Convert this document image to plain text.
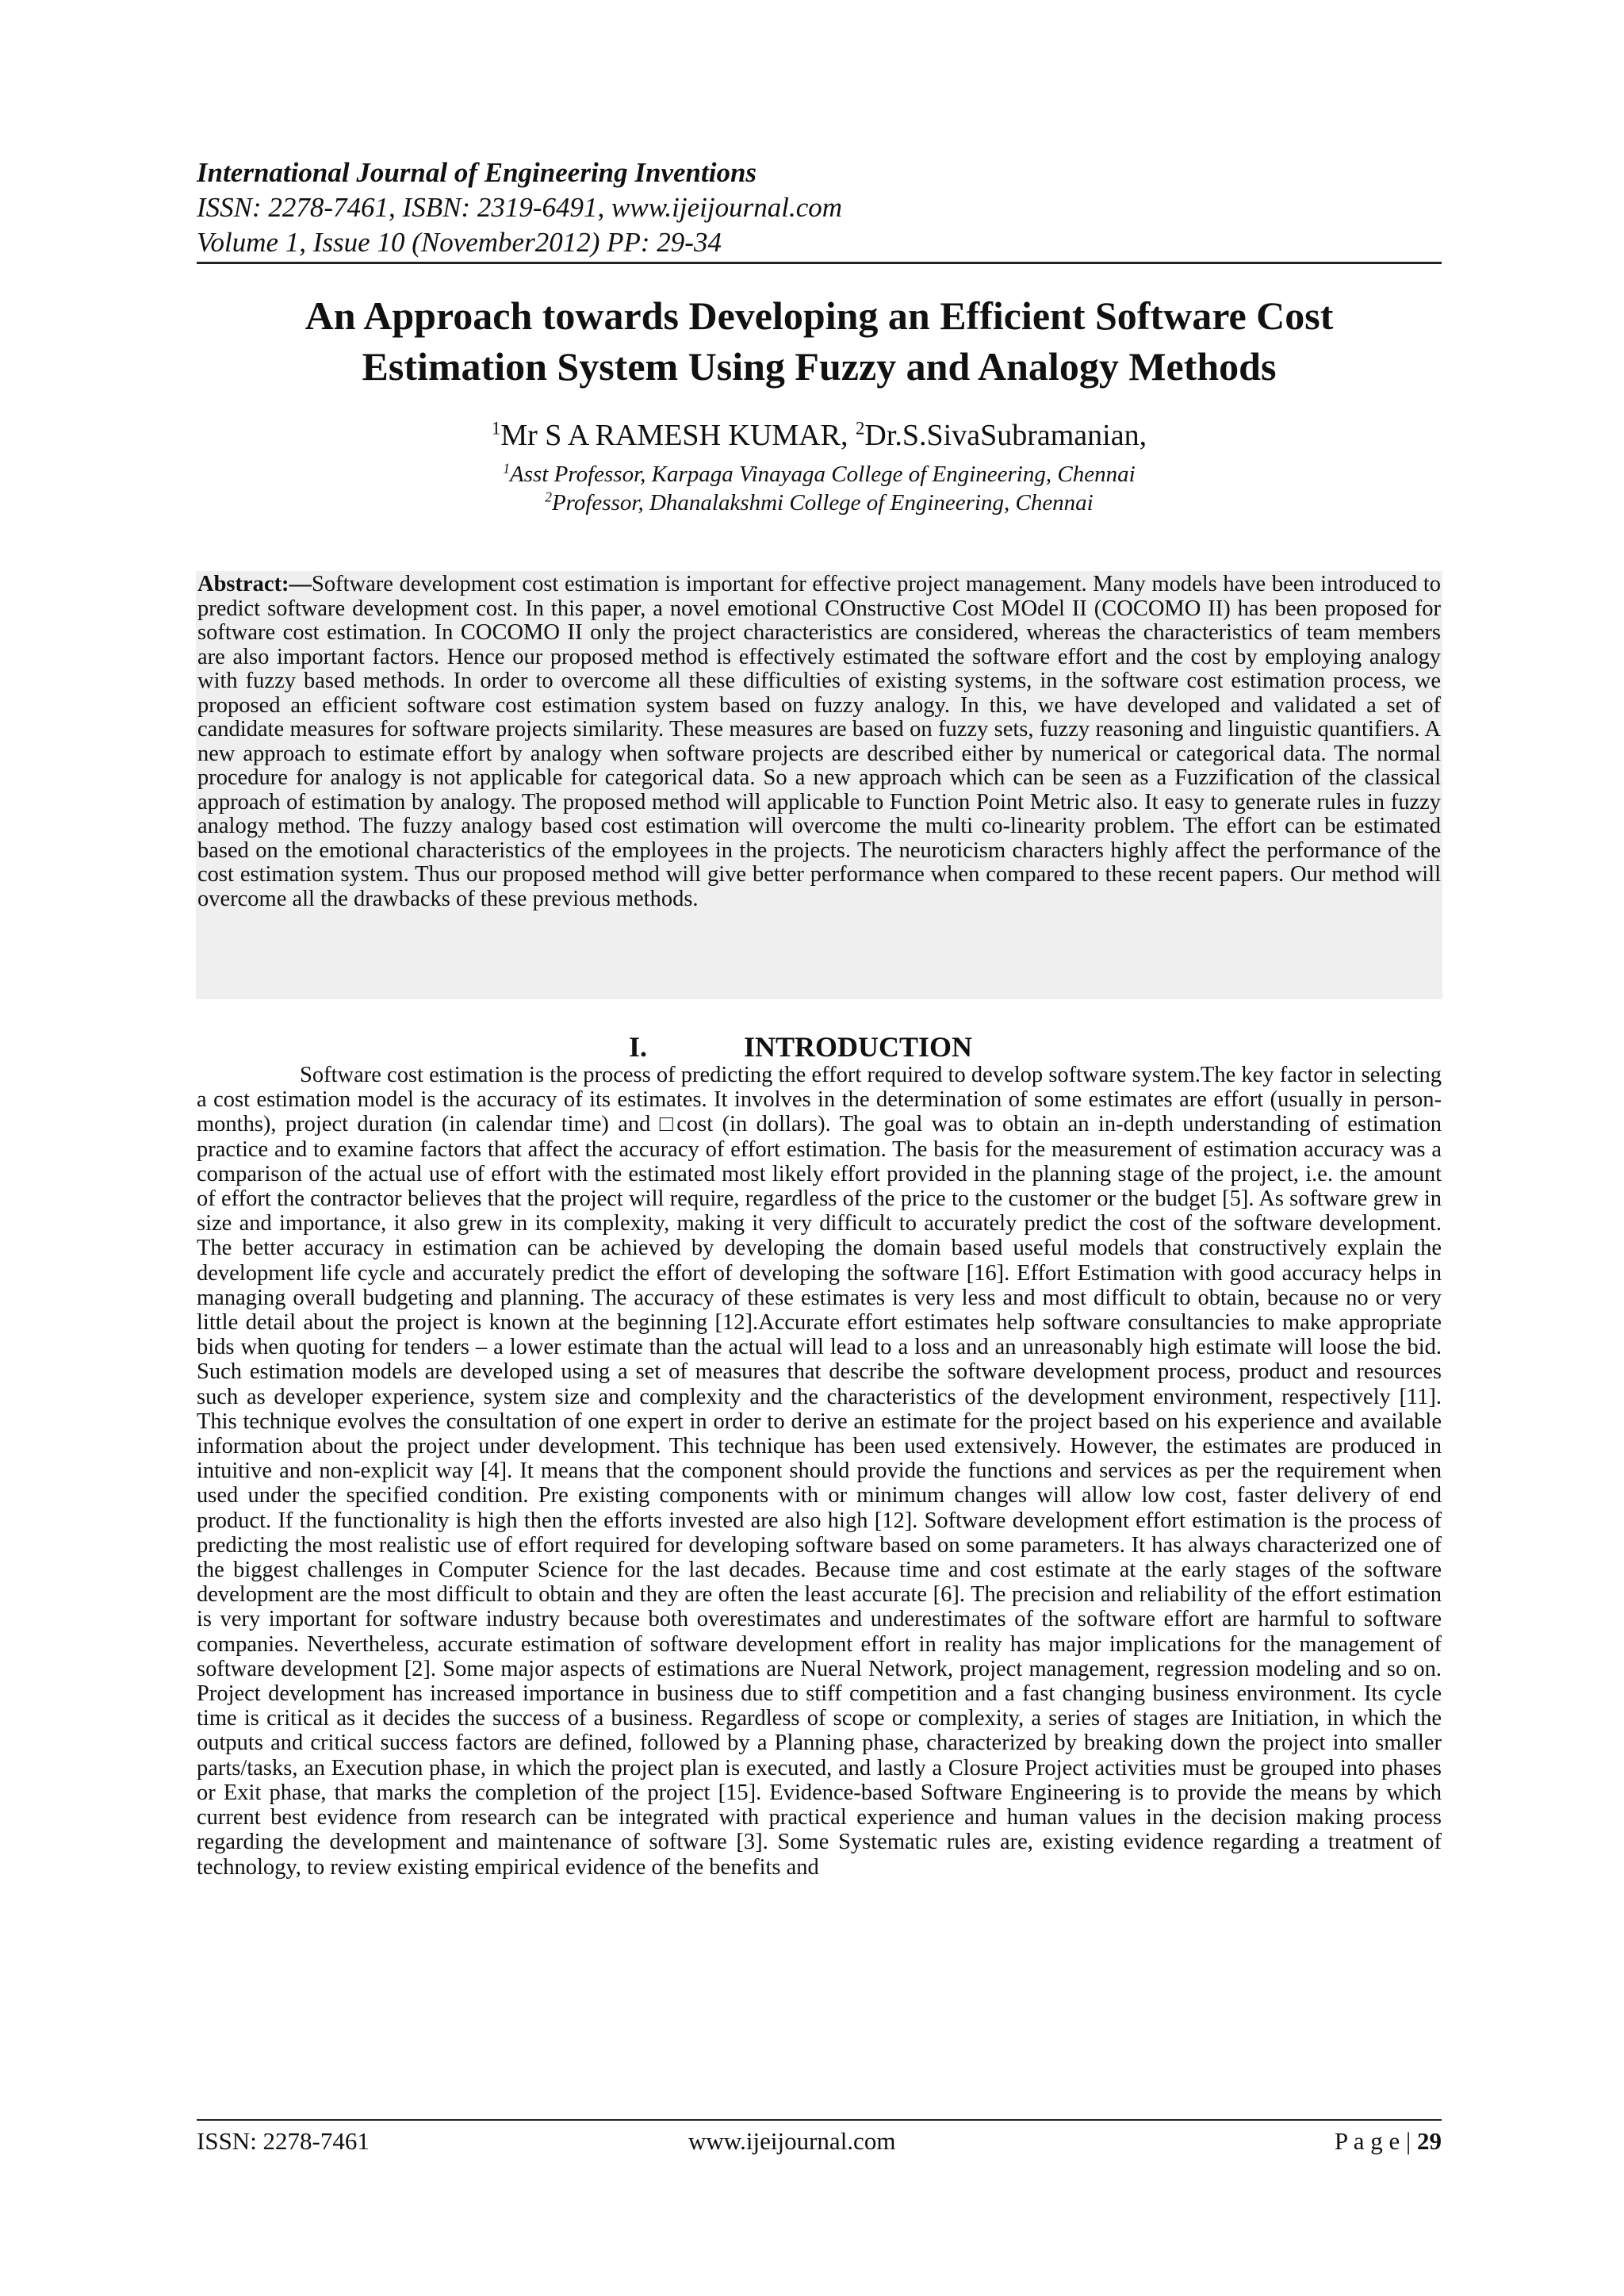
International Journal of Engineering Inventions
ISSN: 2278-7461, ISBN: 2319-6491, www.ijeijournal.com
Volume 1, Issue 10 (November2012) PP: 29-34
An Approach towards Developing an Efficient Software Cost
Estimation System Using Fuzzy and Analogy Methods
$^1$Mr S A RAMESH KUMAR, $^2$Dr.S.SivaSubramanian,
$^1$Asst Professor, Karpaga Vinayaga College of Engineering, Chennai
$^2$Professor, Dhanalakshmi College of Engineering, Chennai
Abstract:—Software development cost estimation is important for effective project management. Many models have been introduced to predict software development cost. In this paper, a novel emotional COnstructive Cost MOdel II (COCOMO II) has been proposed for software cost estimation. In COCOMO II only the project characteristics are considered, whereas the characteristics of team members are also important factors. Hence our proposed method is effectively estimated the software effort and the cost by employing analogy with fuzzy based methods. In order to overcome all these difficulties of existing systems, in the software cost estimation process, we proposed an efficient software cost estimation system based on fuzzy analogy. In this, we have developed and validated a set of candidate measures for software projects similarity. These measures are based on fuzzy sets, fuzzy reasoning and linguistic quantifiers. A new approach to estimate effort by analogy when software projects are described either by numerical or categorical data. The normal procedure for analogy is not applicable for categorical data. So a new approach which can be seen as a Fuzzification of the classical approach of estimation by analogy. The proposed method will applicable to Function Point Metric also. It easy to generate rules in fuzzy analogy method. The fuzzy analogy based cost estimation will overcome the multi co-linearity problem. The effort can be estimated based on the emotional characteristics of the employees in the projects. The neuroticism characters highly affect the performance of the cost estimation system. Thus our proposed method will give better performance when compared to these recent papers. Our method will overcome all the drawbacks of these previous methods.
I.	INTRODUCTION
Software cost estimation is the process of predicting the effort required to develop software system.The key factor in selecting a cost estimation model is the accuracy of its estimates. It involves in the determination of some estimates are effort (usually in person-months), project duration (in calendar time) and □cost (in dollars). The goal was to obtain an in-depth understanding of estimation practice and to examine factors that affect the accuracy of effort estimation. The basis for the measurement of estimation accuracy was a comparison of the actual use of effort with the estimated most likely effort provided in the planning stage of the project, i.e. the amount of effort the contractor believes that the project will require, regardless of the price to the customer or the budget [5]. As software grew in size and importance, it also grew in its complexity, making it very difficult to accurately predict the cost of the software development. The better accuracy in estimation can be achieved by developing the domain based useful models that constructively explain the development life cycle and accurately predict the effort of developing the software [16]. Effort Estimation with good accuracy helps in managing overall budgeting and planning. The accuracy of these estimates is very less and most difficult to obtain, because no or very little detail about the project is known at the beginning [12].Accurate effort estimates help software consultancies to make appropriate bids when quoting for tenders – a lower estimate than the actual will lead to a loss and an unreasonably high estimate will loose the bid. Such estimation models are developed using a set of measures that describe the software development process, product and resources such as developer experience, system size and complexity and the characteristics of the development environment, respectively [11]. This technique evolves the consultation of one expert in order to derive an estimate for the project based on his experience and available information about the project under development. This technique has been used extensively. However, the estimates are produced in intuitive and non-explicit way [4]. It means that the component should provide the functions and services as per the requirement when used under the specified condition. Pre existing components with or minimum changes will allow low cost, faster delivery of end product. If the functionality is high then the efforts invested are also high [12]. Software development effort estimation is the process of predicting the most realistic use of effort required for developing software based on some parameters. It has always characterized one of the biggest challenges in Computer Science for the last decades. Because time and cost estimate at the early stages of the software development are the most difficult to obtain and they are often the least accurate [6]. The precision and reliability of the effort estimation is very important for software industry because both overestimates and underestimates of the software effort are harmful to software companies. Nevertheless, accurate estimation of software development effort in reality has major implications for the management of software development [2]. Some major aspects of estimations are Nueral Network, project management, regression modeling and so on. Project development has increased importance in business due to stiff competition and a fast changing business environment. Its cycle time is critical as it decides the success of a business. Regardless of scope or complexity, a series of stages are Initiation, in which the outputs and critical success factors are defined, followed by a Planning phase, characterized by breaking down the project into smaller parts/tasks, an Execution phase, in which the project plan is executed, and lastly a Closure Project activities must be grouped into phases or Exit phase, that marks the completion of the project [15]. Evidence-based Software Engineering is to provide the means by which current best evidence from research can be integrated with practical experience and human values in the decision making process regarding the development and maintenance of software [3]. Some Systematic rules are, existing evidence regarding a treatment of technology, to review existing empirical evidence of the benefits and
ISSN: 2278-7461	www.ijeijournal.com	P a g e | 29
